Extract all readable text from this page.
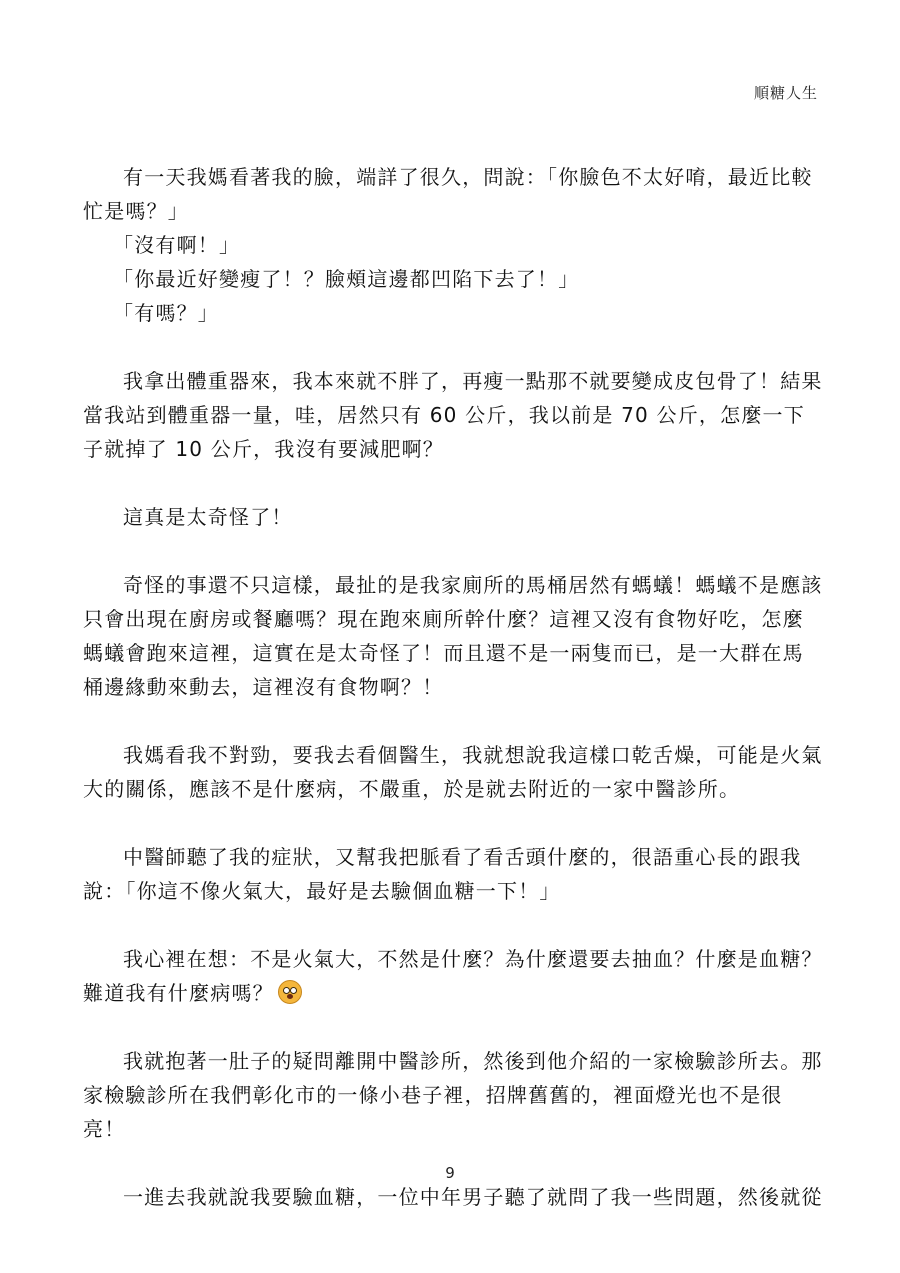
順糖人生

有一天我媽看著我的臉，端詳了很久，問說：「你臉色不太好唷，最近比較忙是嗎？」

「沒有啊！」

「你最近好變瘦了！？臉頰這邊都凹陷下去了！」

「有嗎？」

我拿出體重器來，我本來就不胖了，再瘦一點那不就要變成皮包骨了！結果當我站到體重器一量，哇，居然只有 60 公斤，我以前是 70 公斤，怎麼一下子就掉了 10 公斤，我沒有要減肥啊？

這真是太奇怪了！

奇怪的事還不只這樣，最扯的是我家廁所的馬桶居然有螞蟻！螞蟻不是應該只會出現在廚房或餐廳嗎？現在跑來廁所幹什麼？這裡又沒有食物好吃，怎麼螞蟻會跑來這裡，這實在是太奇怪了！而且還不是一兩隻而已，是一大群在馬桶邊緣動來動去，這裡沒有食物啊？！

我媽看我不對勁，要我去看個醫生，我就想說我這樣口乾舌燥，可能是火氣大的關係，應該不是什麼病，不嚴重，於是就去附近的一家中醫診所。

中醫師聽了我的症狀，又幫我把脈看了看舌頭什麼的，很語重心長的跟我說：「你這不像火氣大，最好是去驗個血糖一下！」

我心裡在想：不是火氣大，不然是什麼？為什麼還要去抽血？什麼是血糖？難道我有什麼病嗎？

我就抱著一肚子的疑問離開中醫診所，然後到他介紹的一家檢驗診所去。那家檢驗診所在我們彰化市的一條小巷子裡，招牌舊舊的，裡面燈光也不是很亮！

一進去我就說我要驗血糖，一位中年男子聽了就問了我一些問題，然後就從

9
